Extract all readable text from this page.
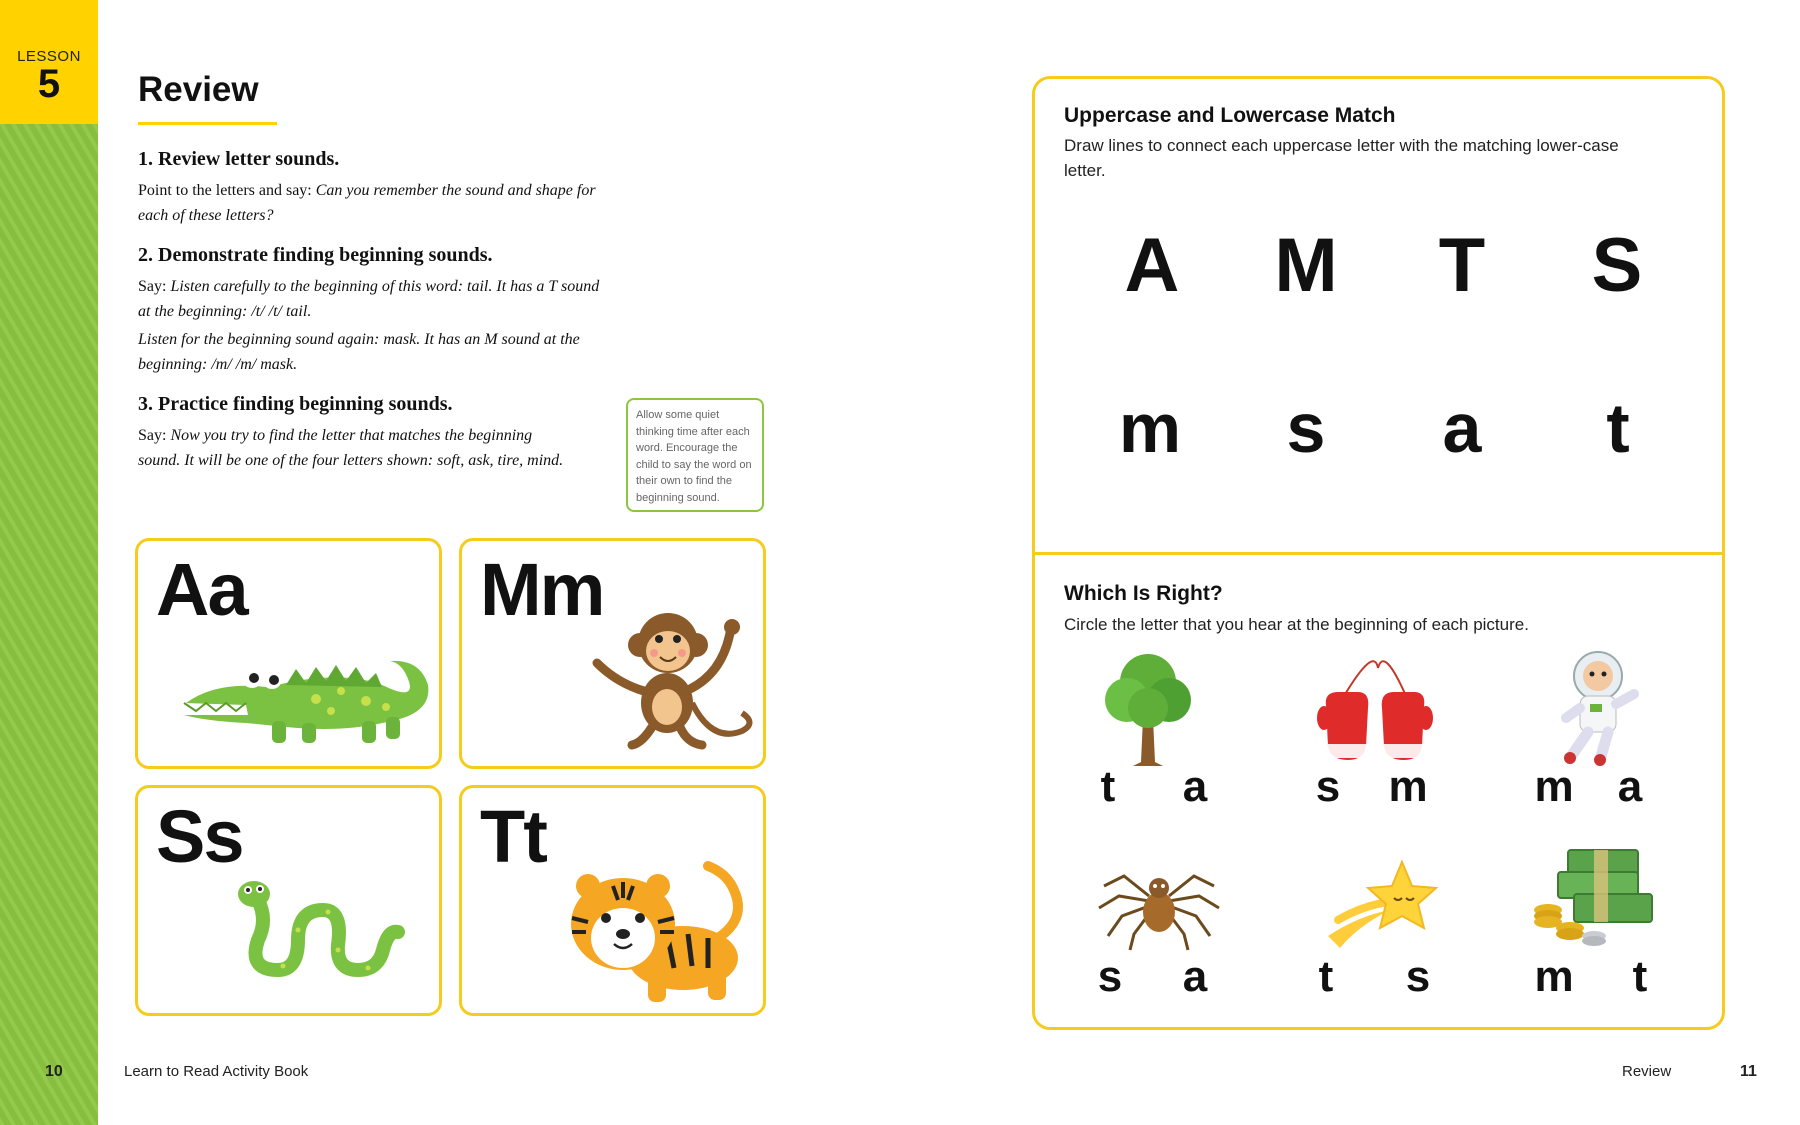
LESSON
5	Review
1. Review letter sounds.

Point to the letters and say: Can you remember the sound and shape for each of these letters?

2. Demonstrate finding beginning sounds.

Say: Listen carefully to the beginning of this word: tail. It has a T sound at the beginning: /t/ /t/ tail.

Listen for the beginning sound again: mask. It has an M sound at the beginning: /m/ /m/ mask.

3. Practice finding beginning sounds.

Say: Now you try to find the letter that matches the beginning sound. It will be one of the four letters shown: soft, ask, tire, mind.

Allow some quiet thinking time after each word. Encourage the child to say the word on their own to find the beginning sound.
Aa	Mm
Ss	Tt
10	Learn to Read Activity Book
Uppercase and Lowercase Match
Draw lines to connect each uppercase letter with the matching lower-case letter.
A	M	T	S
m	s	a	t
Which Is Right?
Circle the letter that you hear at the beginning of each picture.
t	a	s	m m	a
s	a	t	s	m	t
Review	11
